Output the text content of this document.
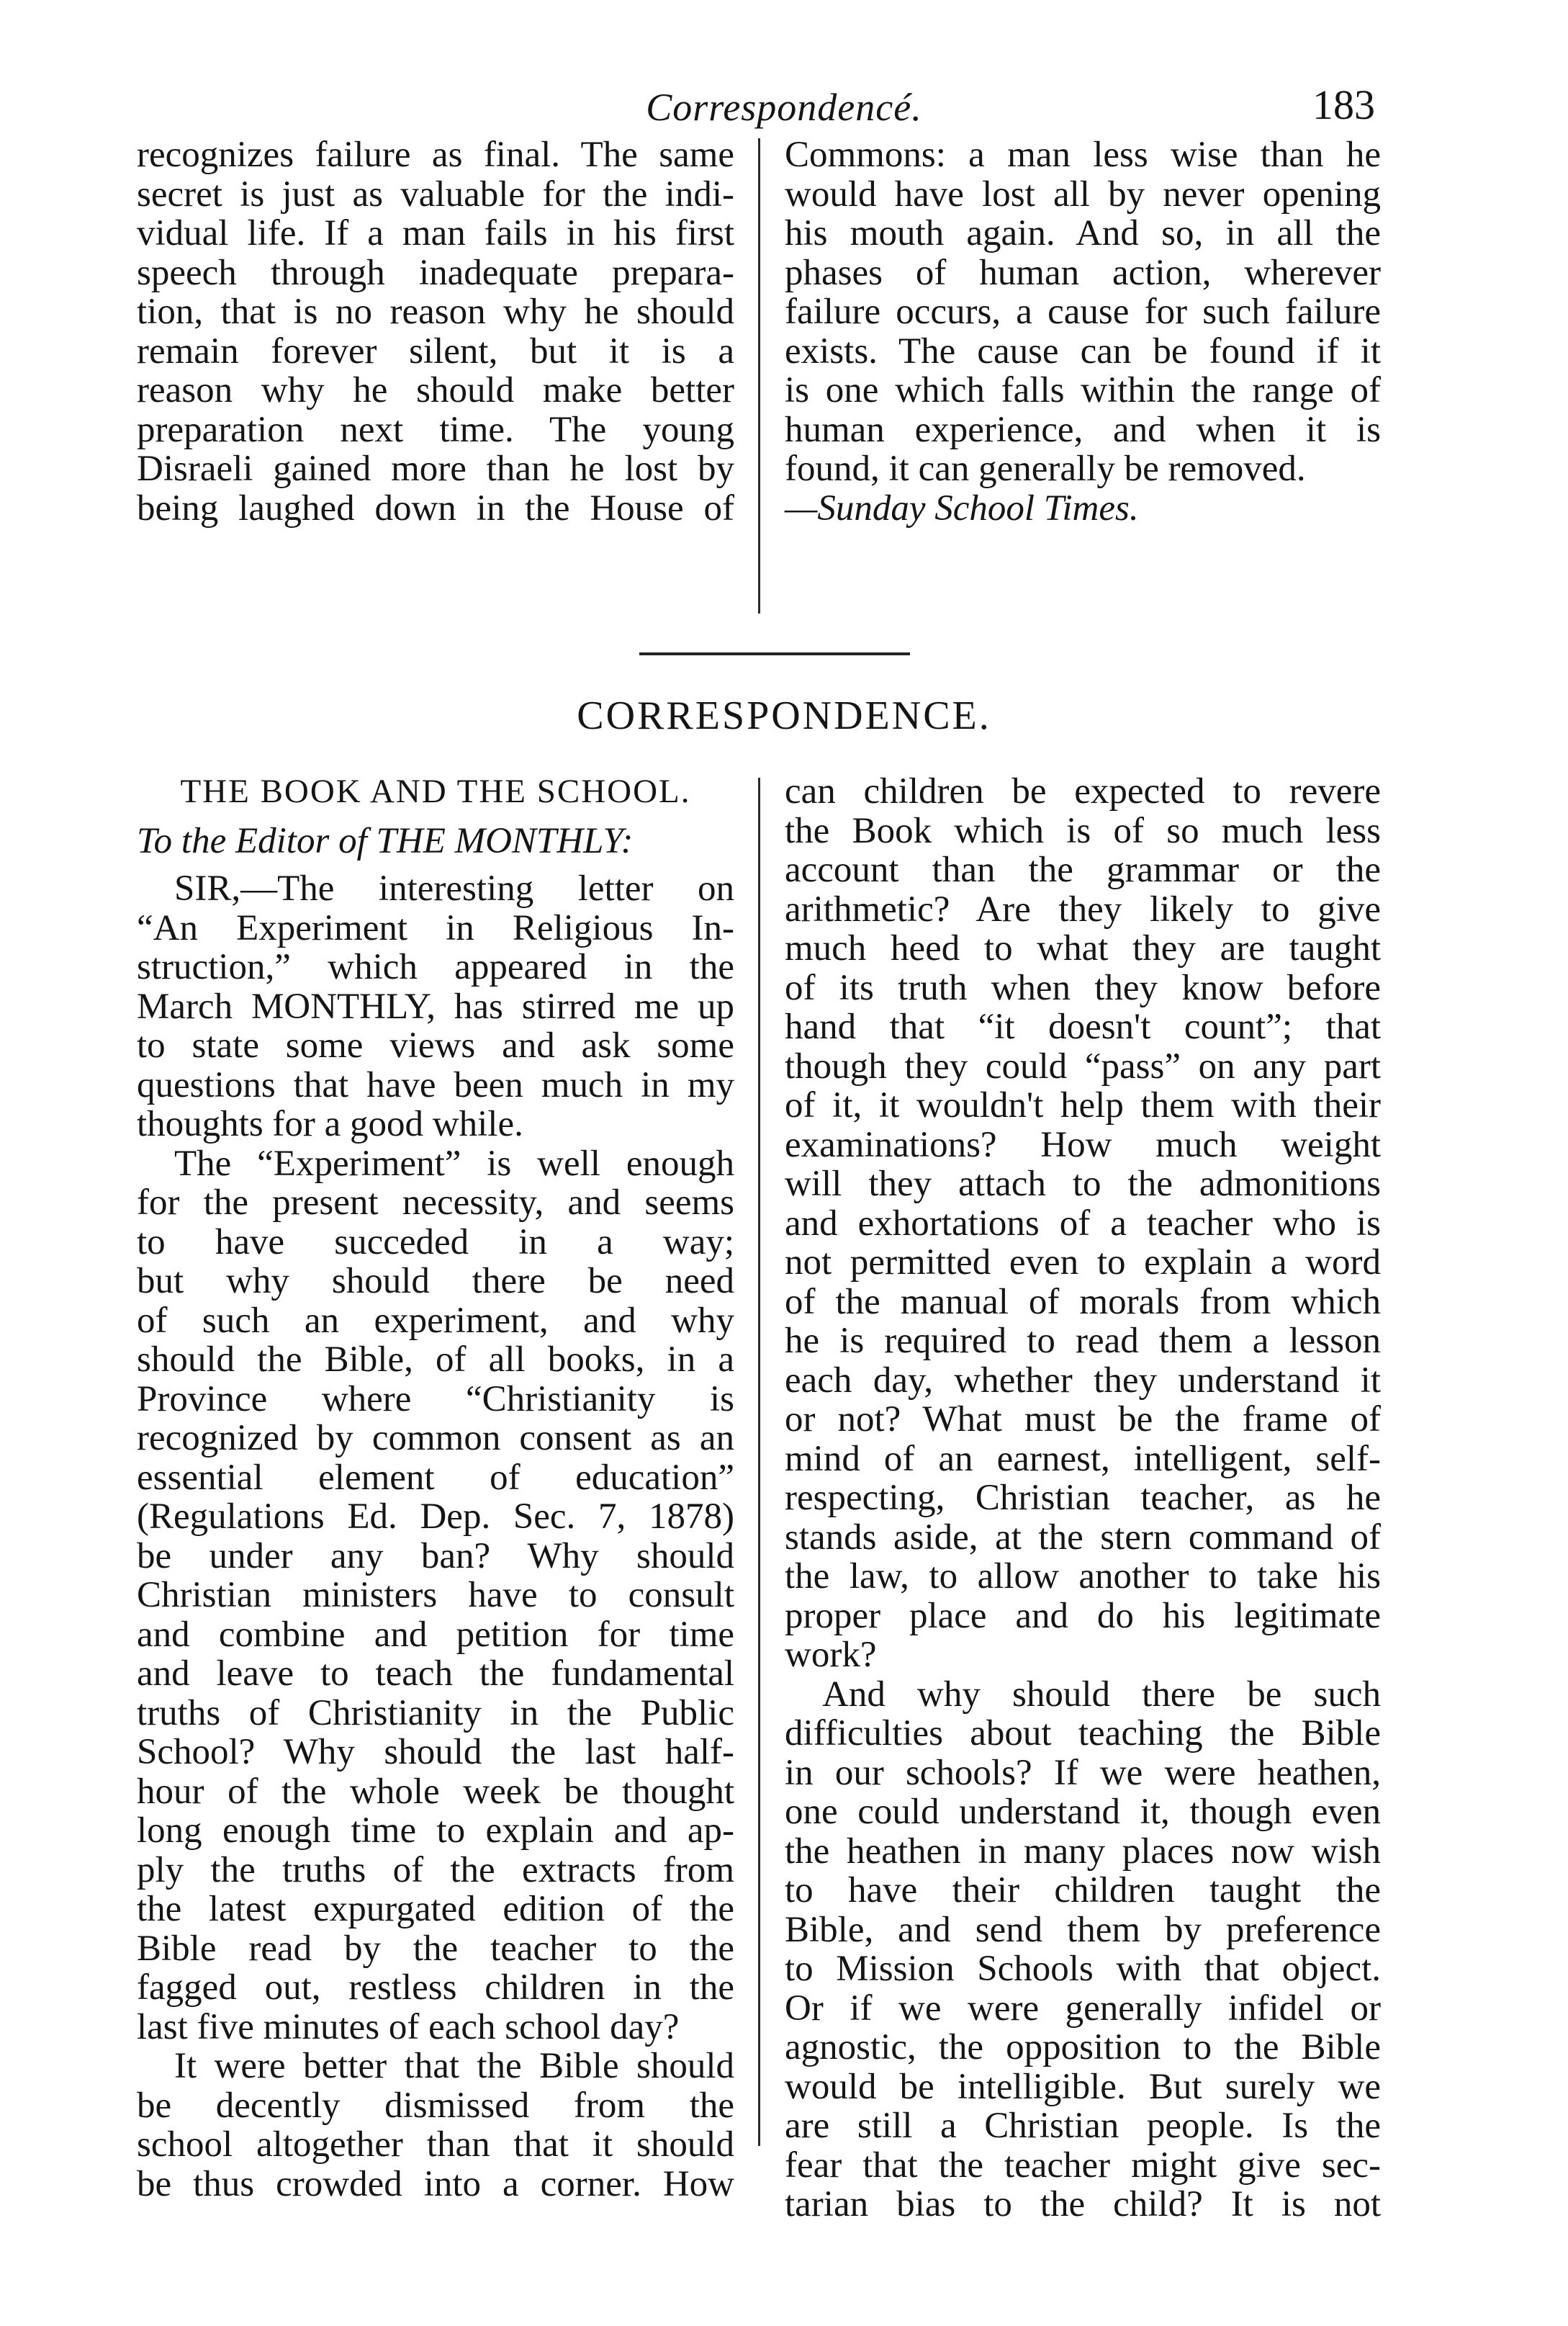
Correspondencé.	183

recognizes failure as final. The same

secret is just as valuable for the indi-

vidual life. If a man fails in his first

speech through inadequate prepara-

tion, that is no reason why he should

remain forever silent, but it is a

reason why he should make better

preparation next time. The young

Disraeli gained more than he lost by

being laughed down in the House of

Commons: a man less wise than he

would have lost all by never opening

his mouth again. And so, in all the

phases of human action, wherever

failure occurs, a cause for such failure

exists. The cause can be found if it

is one which falls within the range of

human experience, and when it is

found, it can generally be removed.

—Sunday School Times.

CORRESPONDENCE.

THE BOOK AND THE SCHOOL.

To the Editor of THE MONTHLY:

SIR,—The interesting letter on

“An Experiment in Religious In-

struction,” which appeared in the

March MONTHLY, has stirred me up

to state some views and ask some

questions that have been much in my

thoughts for a good while.

The “Experiment” is well enough

for the present necessity, and seems

to have succeded in a way;

but why should there be need

of such an experiment, and why

should the Bible, of all books, in a

Province where “Christianity is

recognized by common consent as an

essential element of education”

(Regulations Ed. Dep. Sec. 7, 1878)

be under any ban? Why should

Christian ministers have to consult

and combine and petition for time

and leave to teach the fundamental

truths of Christianity in the Public

School? Why should the last half-

hour of the whole week be thought

long enough time to explain and ap-

ply the truths of the extracts from

the latest expurgated edition of the

Bible read by the teacher to the

fagged out, restless children in the

last five minutes of each school day?

It were better that the Bible should

be decently dismissed from the

school altogether than that it should

be thus crowded into a corner. How

can children be expected to revere

the Book which is of so much less

account than the grammar or the

arithmetic? Are they likely to give

much heed to what they are taught

of its truth when they know before

hand that “it doesn't count”; that

though they could “pass” on any part

of it, it wouldn't help them with their

examinations? How much weight

will they attach to the admonitions

and exhortations of a teacher who is

not permitted even to explain a word

of the manual of morals from which

he is required to read them a lesson

each day, whether they understand it

or not? What must be the frame of

mind of an earnest, intelligent, self-

respecting, Christian teacher, as he

stands aside, at the stern command of

the law, to allow another to take his

proper place and do his legitimate

work?

And why should there be such

difficulties about teaching the Bible

in our schools? If we were heathen,

one could understand it, though even

the heathen in many places now wish

to have their children taught the

Bible, and send them by preference

to Mission Schools with that object.

Or if we were generally infidel or

agnostic, the opposition to the Bible

would be intelligible. But surely we

are still a Christian people. Is the

fear that the teacher might give sec-

tarian bias to the child? It is not
